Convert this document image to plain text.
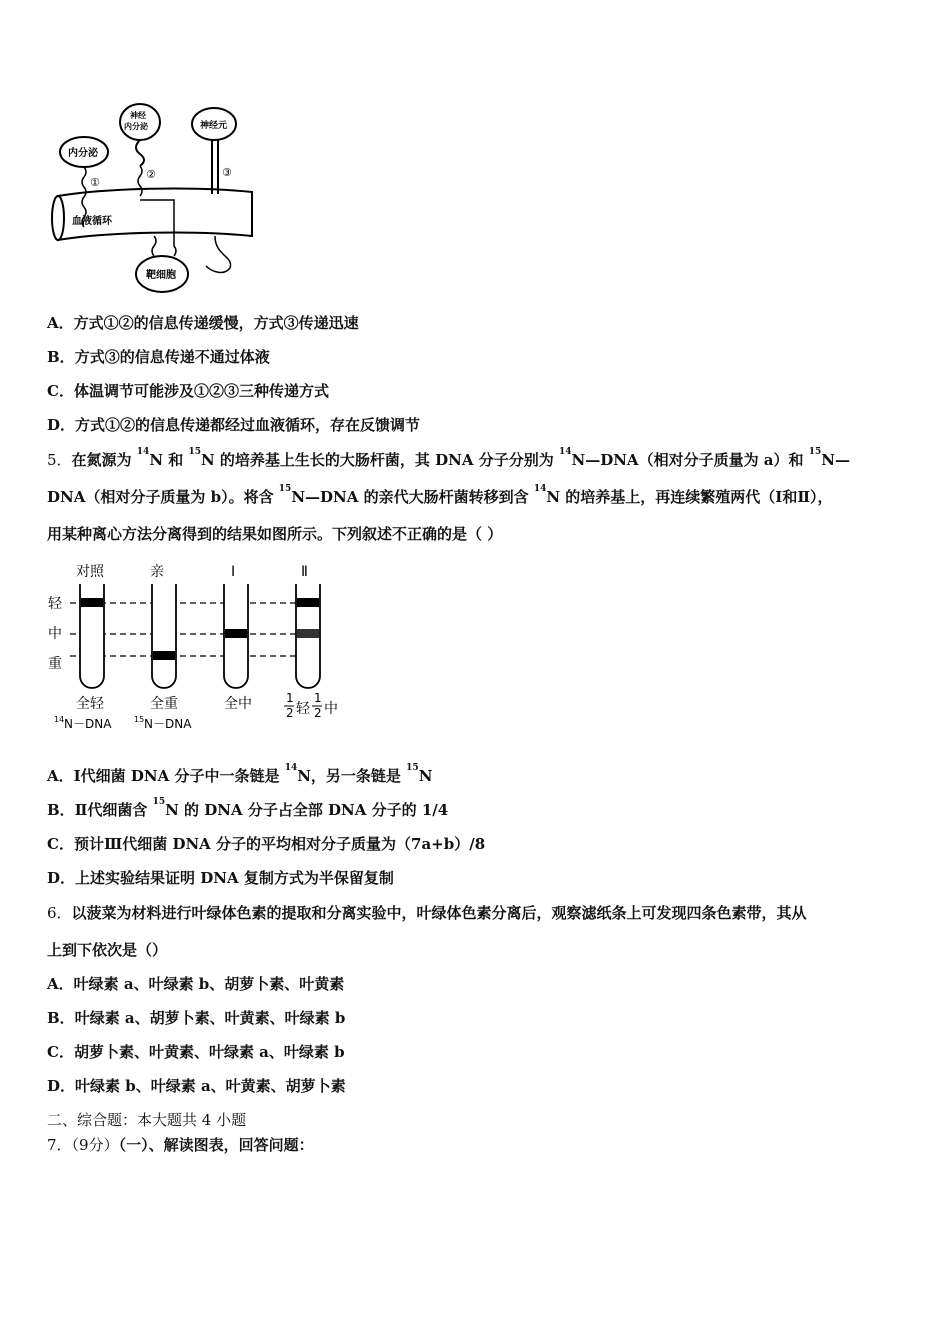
血液循环
内分泌
①
神经
内分泌
②
神经元
③
靶细胞
A．方式①②的信息传递缓慢，方式③传递迅速
B．方式③的信息传递不通过体液
C．体温调节可能涉及①②③三种传递方式
D．方式①②的信息传递都经过血液循环，存在反馈调节
5．在氮源为 $^{14}$N 和 $^{15}$N 的培养基上生长的大肠杆菌，其 DNA 分子分别为 $^{14}$N—DNA（相对分子质量为 a）和 $^{15}$N—
DNA（相对分子质量为 b）。将含 $^{15}$N—DNA 的亲代大肠杆菌转移到含 $^{14}$N 的培养基上，再连续繁殖两代（Ⅰ和Ⅱ），
用某种离心方法分离得到的结果如图所示。下列叙述不正确的是（ ）
对照	亲	Ⅰ	Ⅱ
轻
中
重
全轻
14 N－DNA
全重
15 N－DNA
全中	1
2 轻
1
2 中
A．Ⅰ代细菌 DNA 分子中一条链是 $^{14}$N，另一条链是 $^{15}$N
B．Ⅱ代细菌含 $^{15}$N 的 DNA 分子占全部 DNA 分子的 1/4
C．预计Ⅲ代细菌 DNA 分子的平均相对分子质量为（7a+b）/8
D．上述实验结果证明 DNA 复制方式为半保留复制
6．以菠菜为材料进行叶绿体色素的提取和分离实验中，叶绿体色素分离后，观察滤纸条上可发现四条色素带，其从
上到下依次是（）
A．叶绿素 a、叶绿素 b、胡萝卜素、叶黄素
B．叶绿素 a、胡萝卜素、叶黄素、叶绿素 b
C．胡萝卜素、叶黄素、叶绿素 a、叶绿素 b
D．叶绿素 b、叶绿素 a、叶黄素、胡萝卜素
二、综合题：本大题共 4 小题
7．（9分）（一）、解读图表，回答问题：
